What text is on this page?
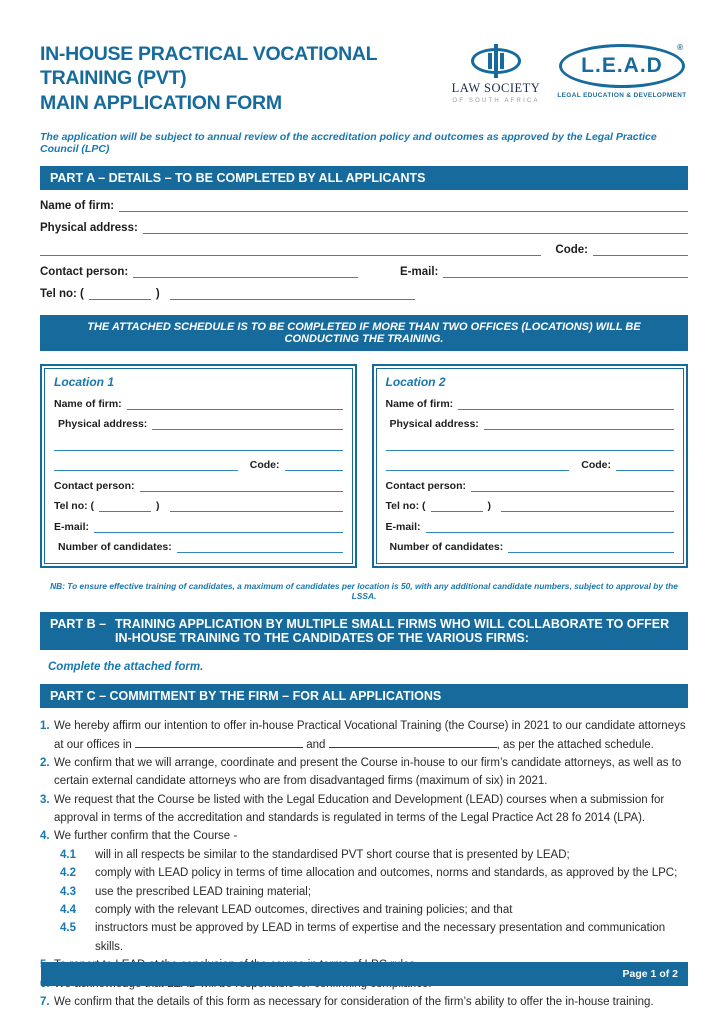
IN-HOUSE PRACTICAL VOCATIONAL TRAINING (PVT)
MAIN APPLICATION FORM
LAW SOCIETY
OF SOUTH AFRICA
L.E.A.D
®
LEGAL EDUCATION & DEVELOPMENT
The application will be subject to annual review of the accreditation policy and outcomes as approved by the Legal Practice Council (LPC)
PART A – DETAILS – TO BE COMPLETED BY ALL APPLICANTS
Name of firm:
Physical address:
Code:
Contact person:	E-mail:
Tel no: (	)
THE ATTACHED SCHEDULE IS TO BE COMPLETED IF MORE THAN TWO OFFICES (LOCATIONS) WILL BE CONDUCTING THE TRAINING.
Location 1
Name of firm:
Physical address:
Code:
Contact person:
Tel no: (	)
E-mail:
Number of candidates:
Location 2
Name of firm:
Physical address:
Code:
Contact person:
Tel no: (	)
E-mail:
Number of candidates:
NB: To ensure effective training of candidates, a maximum of candidates per location is 50, with any additional candidate numbers, subject to approval by the LSSA.
PART B – TRAINING APPLICATION BY MULTIPLE SMALL FIRMS WHO WILL COLLABORATE TO OFFER IN-HOUSE TRAINING TO THE CANDIDATES OF THE VARIOUS FIRMS:
Complete the attached form.
PART C – COMMITMENT BY THE FIRM – FOR ALL APPLICATIONS
1. We hereby affirm our intention to offer in-house Practical Vocational Training (the Course) in 2021 to our candidate attorneys at our offices in	and	, as per the attached schedule.
2. We confirm that we will arrange, coordinate and present the Course in-house to our firm’s candidate attorneys, as well as to certain external candidate attorneys who are from disadvantaged firms (maximum of six) in 2021.
3. We request that the Course be listed with the Legal Education and Development (LEAD) courses when a submission for approval in terms of the accreditation and standards is regulated in terms of the Legal Practice Act 28 fo 2014 (LPA).
4. We further confirm that the Course -
4.1 will in all respects be similar to the standardised PVT short course that is presented by LEAD;
4.2 comply with LEAD policy in terms of time allocation and outcomes, norms and standards, as approved by the LPC;
4.3 use the prescribed LEAD training material;
4.4 comply with the relevant LEAD outcomes, directives and training policies; and that
4.5 instructors must be approved by LEAD in terms of expertise and the necessary presentation and communication skills.
7. We confirm that the details of this form as necessary for consideration of the firm’s ability to offer the in-house training.
Page 1 of 2
